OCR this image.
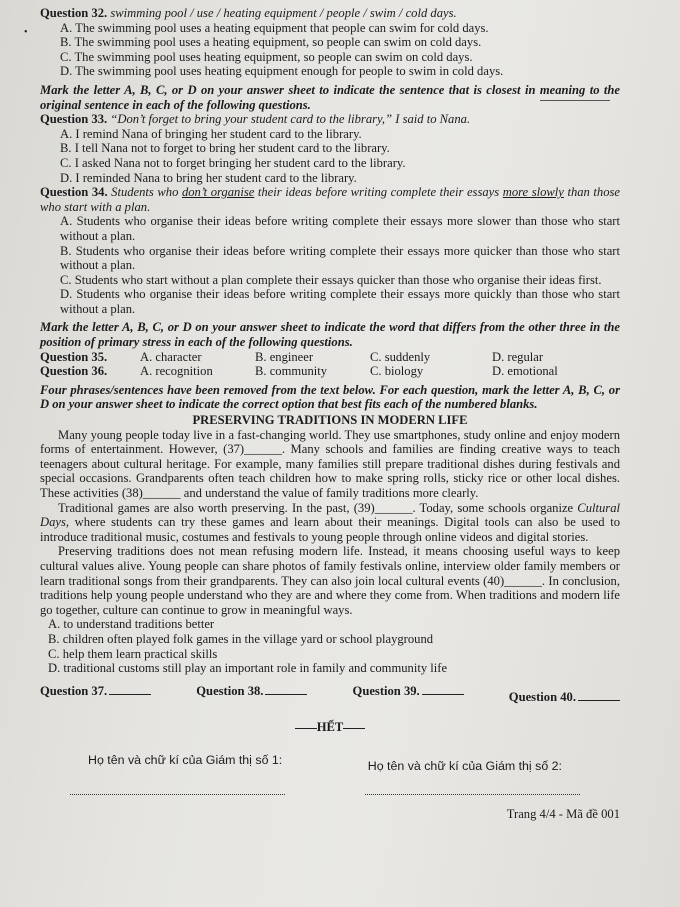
•
Question 32. swimming pool / use / heating equipment / people / swim / cold days.
A. The swimming pool uses a heating equipment that people can swim for cold days.
B. The swimming pool uses a heating equipment, so people can swim on cold days.
C. The swimming pool uses heating equipment, so people can swim on cold days.
D. The swimming pool uses heating equipment enough for people to swim in cold days.
Mark the letter A, B, C, or D on your answer sheet to indicate the sentence that is closest in meaning to the original sentence in each of the following questions.
Question 33. “Don’t forget to bring your student card to the library,” I said to Nana.
A. I remind Nana of bringing her student card to the library.
B. I tell Nana not to forget to bring her student card to the library.
C. I asked Nana not to forget bringing her student card to the library.
D. I reminded Nana to bring her student card to the library.
Question 34. Students who don’t organise their ideas before writing complete their essays more slowly than those who start with a plan.
A. Students who organise their ideas before writing complete their essays more slower than those who start without a plan.
B. Students who organise their ideas before writing complete their essays more quicker than those who start without a plan.
C. Students who start without a plan complete their essays quicker than those who organise their ideas first.
D. Students who organise their ideas before writing complete their essays more quickly than those who start without a plan.
Mark the letter A, B, C, or D on your answer sheet to indicate the word that differs from the other three in the position of primary stress in each of the following questions.
Question 35.	A. character	B. engineer	C. suddenly	D. regular
Question 36.	A. recognition	B. community	C. biology	D. emotional
Four phrases/sentences have been removed from the text below. For each question, mark the letter A, B, C, or D on your answer sheet to indicate the correct option that best fits each of the numbered blanks.
PRESERVING TRADITIONS IN MODERN LIFE
Many young people today live in a fast-changing world. They use smartphones, study online and enjoy modern forms of entertainment. However, (37)______. Many schools and families are finding creative ways to teach teenagers about cultural heritage. For example, many families still prepare traditional dishes during festivals and special occasions. Grandparents often teach children how to make spring rolls, sticky rice or other local dishes. These activities (38)______ and understand the value of family traditions more clearly.
Traditional games are also worth preserving. In the past, (39)______. Today, some schools organize Cultural Days, where students can try these games and learn about their meanings. Digital tools can also be used to introduce traditional music, costumes and festivals to young people through online videos and digital stories.
Preserving traditions does not mean refusing modern life. Instead, it means choosing useful ways to keep cultural values alive. Young people can share photos of family festivals online, interview older family members or learn traditional songs from their grandparents. They can also join local cultural events (40)______. In conclusion, traditions help young people understand who they are and where they come from. When traditions and modern life go together, culture can continue to grow in meaningful ways.
A. to understand traditions better
B. children often played folk games in the village yard or school playground
C. help them learn practical skills
D. traditional customs still play an important role in family and community life
Question 37.	Question 38.	Question 39.	Question 40.
HẾT
Họ tên và chữ kí của Giám thị số 1:	Họ tên và chữ kí của Giám thị số 2:
Trang 4/4 - Mã đề 001
